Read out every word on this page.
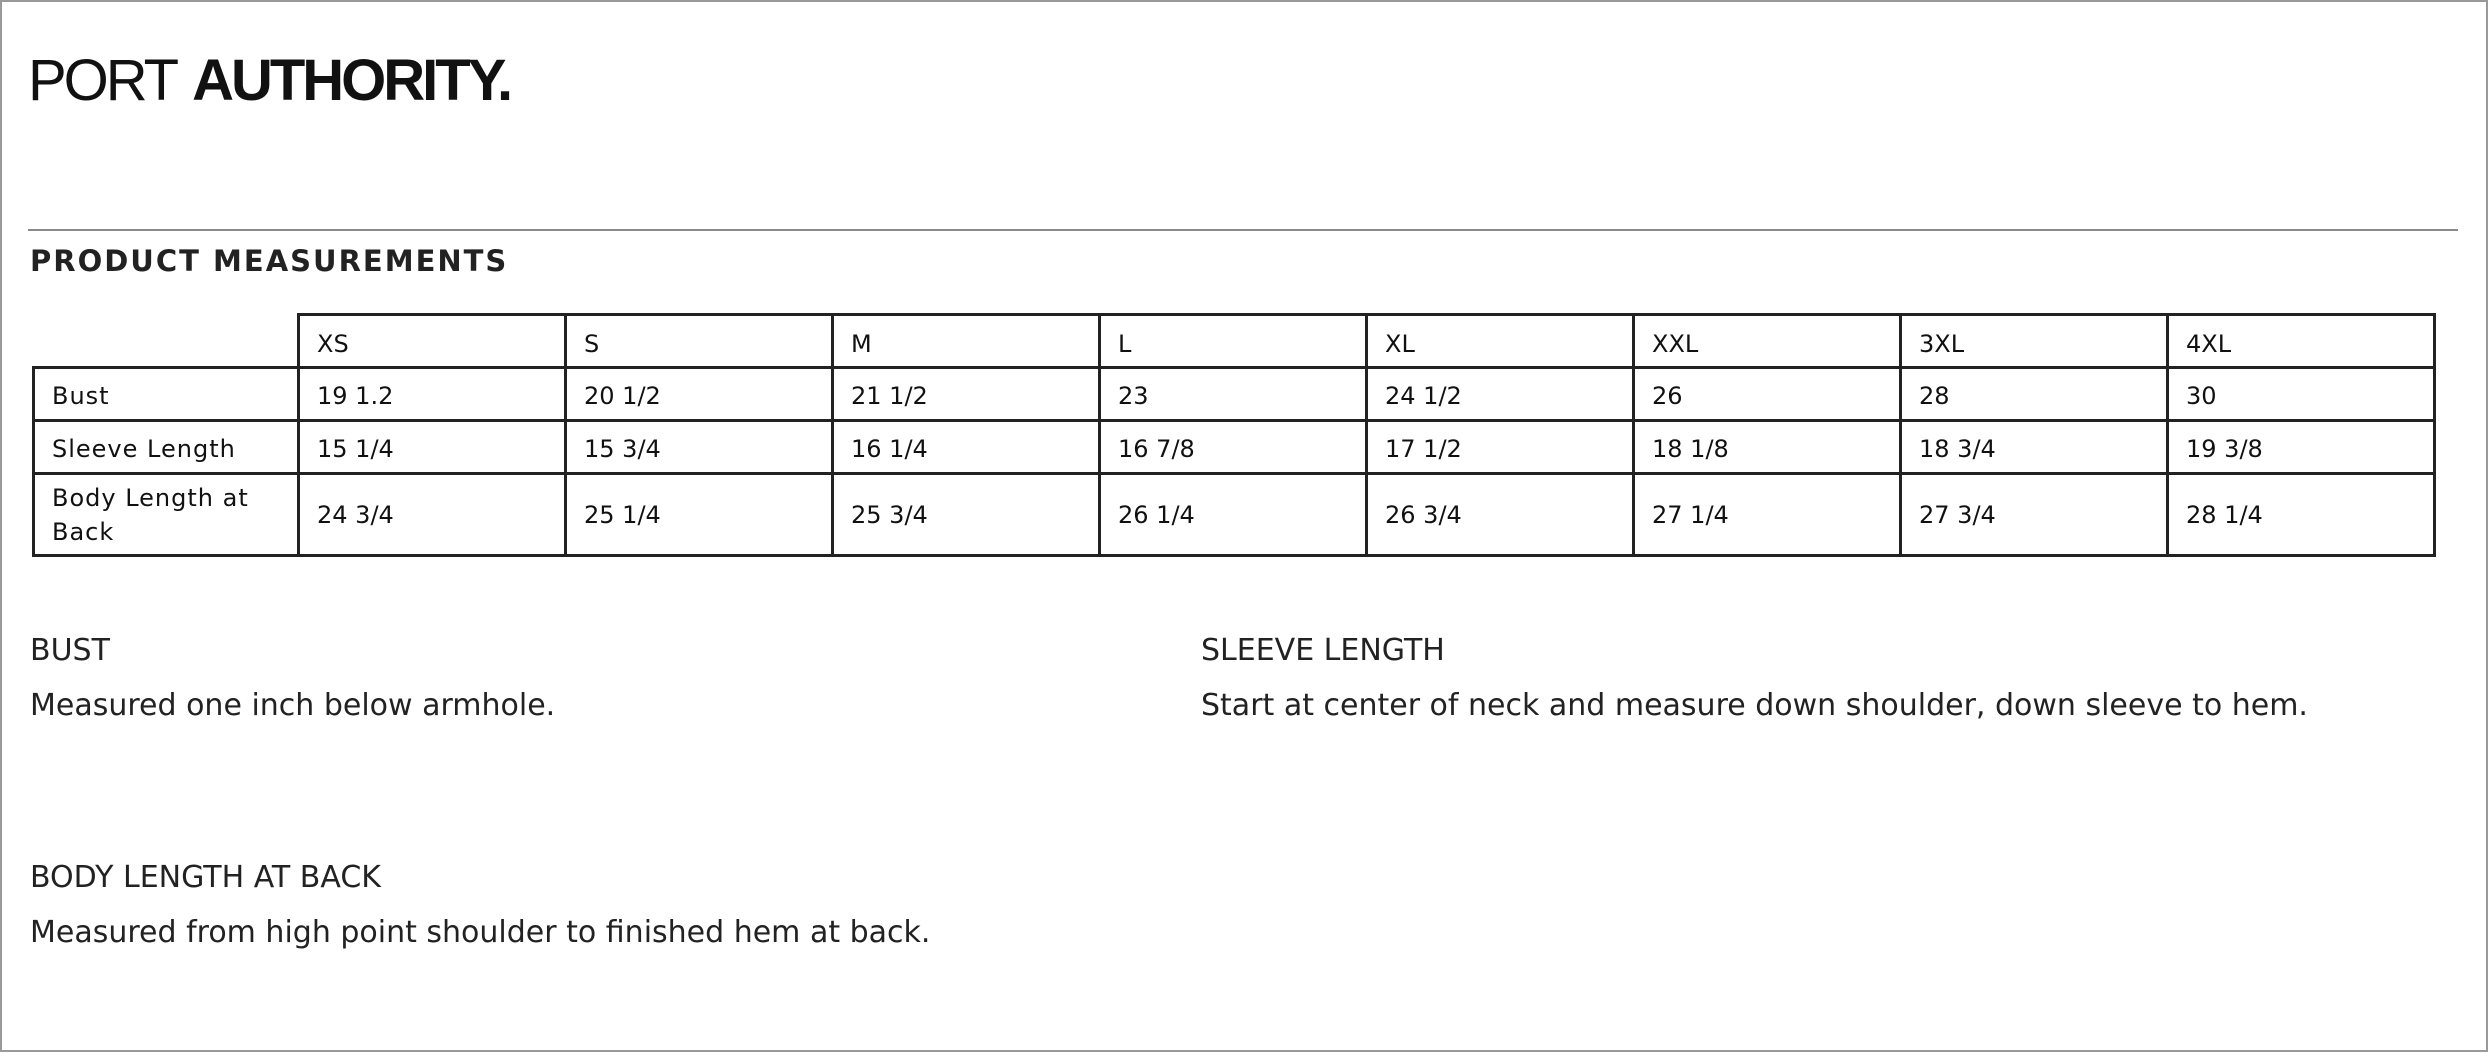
PORT AUTHORITY.
PRODUCT MEASUREMENTS
	XS	S	M	L	XL	XXL	3XL	4XL
Bust	19 1.2	20 1/2	21 1/2	23	24 1/2	26	28	30
Sleeve Length	15 1/4	15 3/4	16 1/4	16 7/8	17 1/2	18 1/8	18 3/4	19 3/8
Body Length at Back	24 3/4	25 1/4	25 3/4	26 1/4	26 3/4	27 1/4	27 3/4	28 1/4
BUST
Measured one inch below armhole.
SLEEVE LENGTH
Start at center of neck and measure down shoulder, down sleeve to hem.
BODY LENGTH AT BACK
Measured from high point shoulder to finished hem at back.
